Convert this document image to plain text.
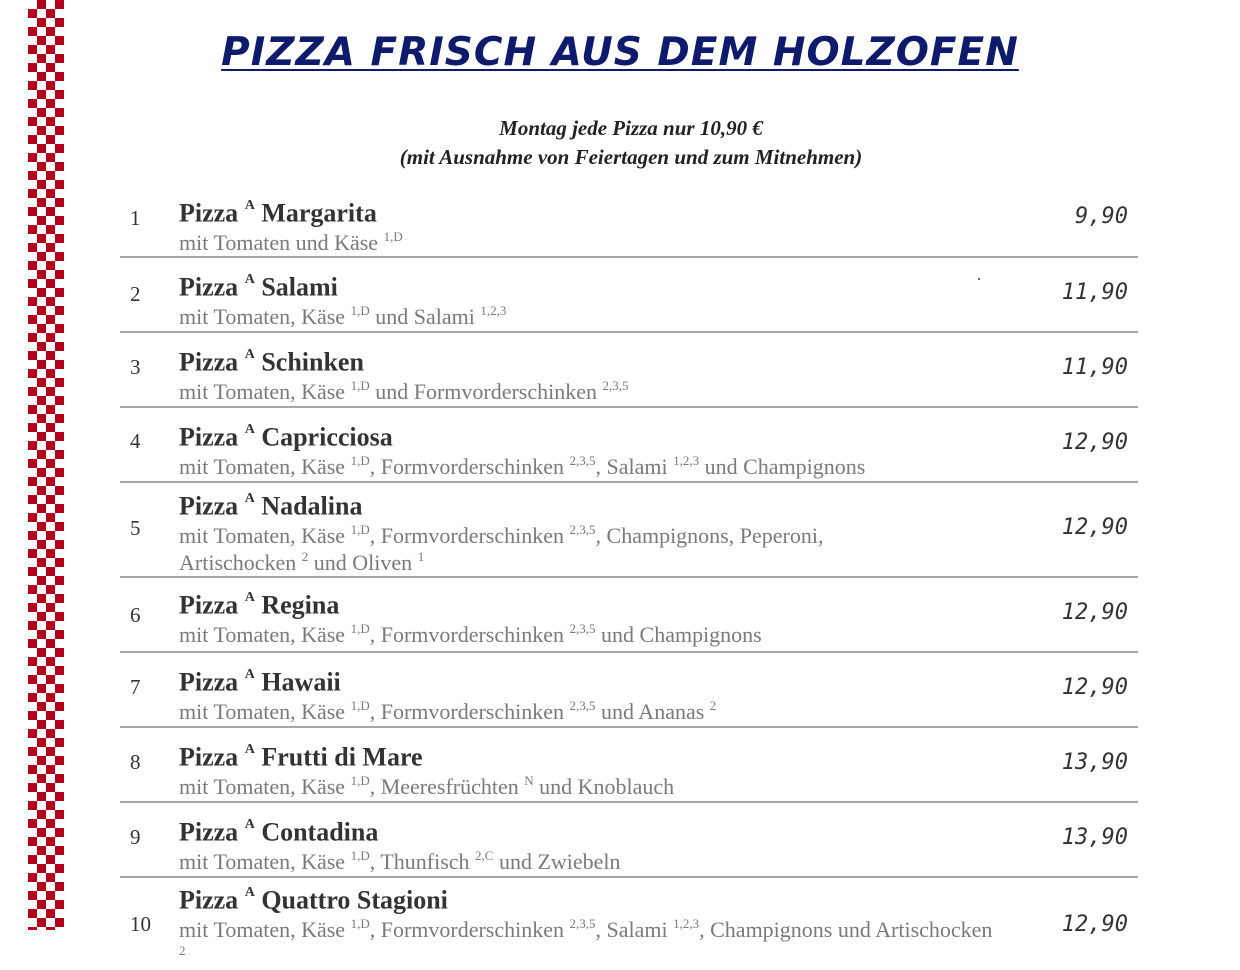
PIZZA FRISCH AUS DEM HOLZOFEN
Montag jede Pizza nur 10,90 €
(mit Ausnahme von Feiertagen und zum Mitnehmen)
1 Pizza $^A$ Margarita
mit Tomaten und Käse $^{1,D}$
9,90
2 Pizza $^A$ Salami
mit Tomaten, Käse $^{1,D}$ und Salami $^{1,2,3}$
11,90
3 Pizza $^A$ Schinken
mit Tomaten, Käse $^{1,D}$ und Formvorderschinken $^{2,3,5}$
11,90
4 Pizza $^A$ Capricciosa
mit Tomaten, Käse $^{1,D}$, Formvorderschinken $^{2,3,5}$, Salami $^{1,2,3}$ und Champignons
12,90
5
Pizza $^A$ Nadalina
mit Tomaten, Käse $^{1,D}$, Formvorderschinken $^{2,3,5}$, Champignons, Peperoni, Artischocken $^2$ und Oliven $^1$
12,90
6 Pizza $^A$ Regina
mit Tomaten, Käse $^{1,D}$, Formvorderschinken $^{2,3,5}$ und Champignons
12,90
7 Pizza $^A$ Hawaii
mit Tomaten, Käse $^{1,D}$, Formvorderschinken $^{2,3,5}$ und Ananas $^2$
12,90
8 Pizza $^A$ Frutti di Mare
mit Tomaten, Käse $^{1,D}$, Meeresfrüchten $^N$ und Knoblauch
13,90
9 Pizza $^A$ Contadina
mit Tomaten, Käse $^{1,D}$, Thunfisch $^{2,C}$ und Zwiebeln
13,90
10
Pizza $^A$ Quattro Stagioni
mit Tomaten, Käse $^{1,D}$, Formvorderschinken $^{2,3,5}$, Salami $^{1,2,3}$, Champignons und Artischocken $^2$
12,90
